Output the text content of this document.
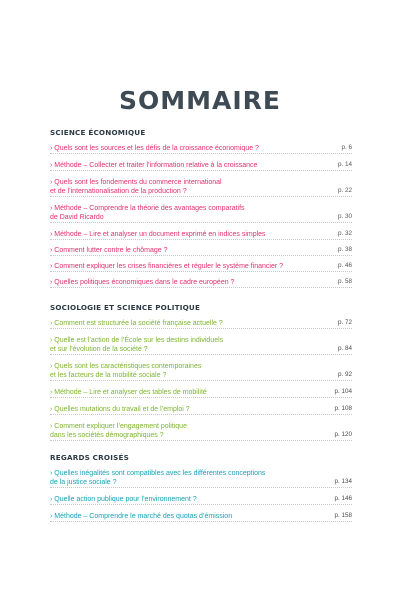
SOMMAIRE
SCIENCE ÉCONOMIQUE
› Quels sont les sources et les défis de la croissance économique ?	p. 6
› Méthode – Collecter et traiter l’information relative à la croissance	p. 14
› Quels sont les fondements du commerce international
et de l’internationalisation de la production ?	p. 22
› Méthode – Comprendre la théorie des avantages comparatifs
de David Ricardo	p. 30
› Méthode – Lire et analyser un document exprimé en indices simples	p. 32
› Comment lutter contre le chômage ?	p. 38
› Comment expliquer les crises financières et réguler le système financier ?	p. 46
› Quelles politiques économiques dans le cadre européen ?	p. 58
SOCIOLOGIE ET SCIENCE POLITIQUE
› Comment est structurée la société française actuelle ?	p. 72
› Quelle est l’action de l’École sur les destins individuels
et sur l’évolution de la société ?	p. 84
› Quels sont les caractéristiques contemporaines
et les facteurs de la mobilité sociale ?	p. 92
› Méthode – Lire et analyser des tables de mobilité	p. 104
› Quelles mutations du travail et de l’emploi ?	p. 108
› Comment expliquer l’engagement politique
dans les sociétés démographiques ?	p. 120
REGARDS CROISÉS
› Quelles inégalités sont compatibles avec les différentes conceptions
de la justice sociale ?	p. 134
› Quelle action publique pour l’environnement ?	p. 146
› Méthode – Comprendre le marché des quotas d’émission	p. 158
